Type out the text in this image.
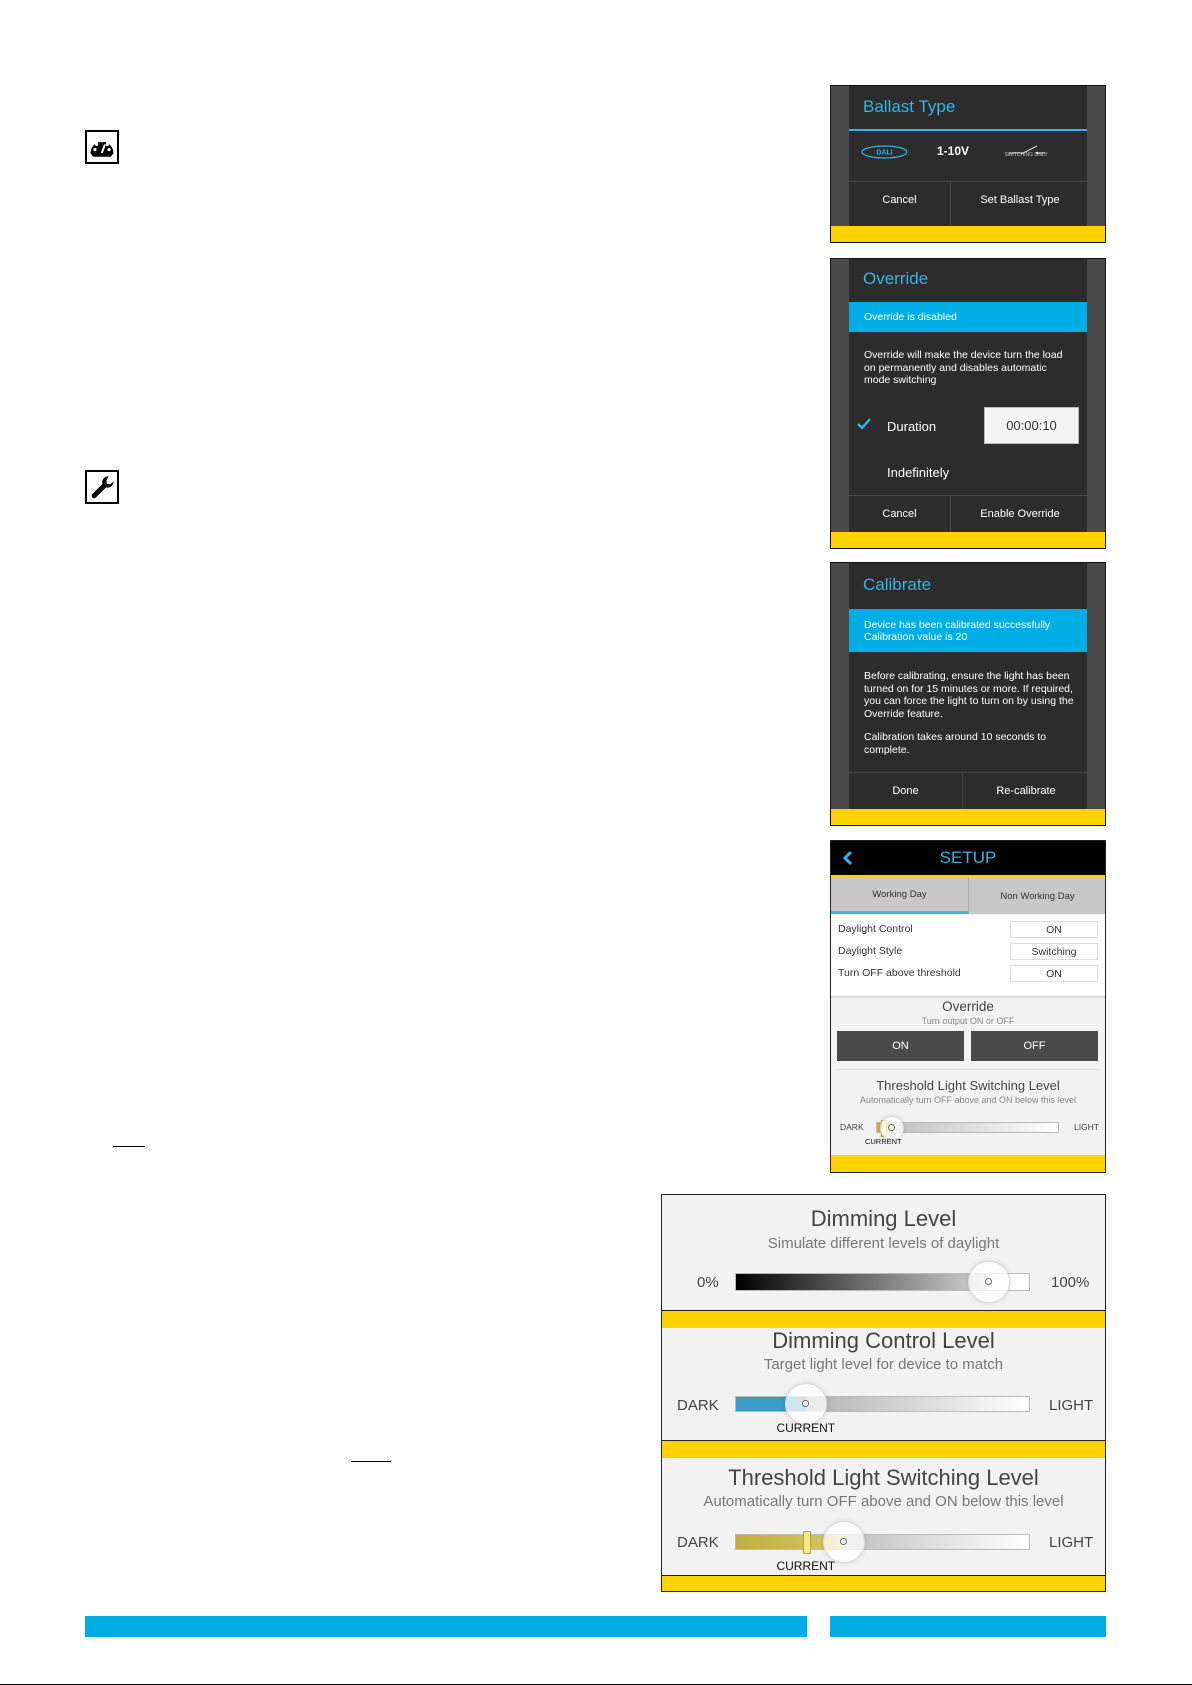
Ballast Type
DALI	1-10V	SWITCHING ONLY
Cancel	Set Ballast Type
Override
Override is disabled
Override will make the device turn the load on permanently and disables automatic mode switching
Duration	00:00:10
Indefinitely
Cancel	Enable Override
Calibrate
Device has been calibrated successfully
Calibration value is 20
Before calibrating, ensure the light has been turned on for 15 minutes or more. If required, you can force the light to turn on by using the Override feature.
Calibration takes around 10 seconds to complete.
Done	Re-calibrate
SETUP
Working Day	Non Working Day
Daylight Control	ON
Daylight Style	Switching
Turn OFF above threshold	ON
Override
Turn output ON or OFF
ON	OFF
Threshold Light Switching Level
Automatically turn OFF above and ON below this level
DARK	LIGHT
CURRENT
Dimming Level
Simulate different levels of daylight
0%	100%
Dimming Control Level
Target light level for device to match
DARK	LIGHT
CURRENT
Threshold Light Switching Level
Automatically turn OFF above and ON below this level
DARK	LIGHT
CURRENT
